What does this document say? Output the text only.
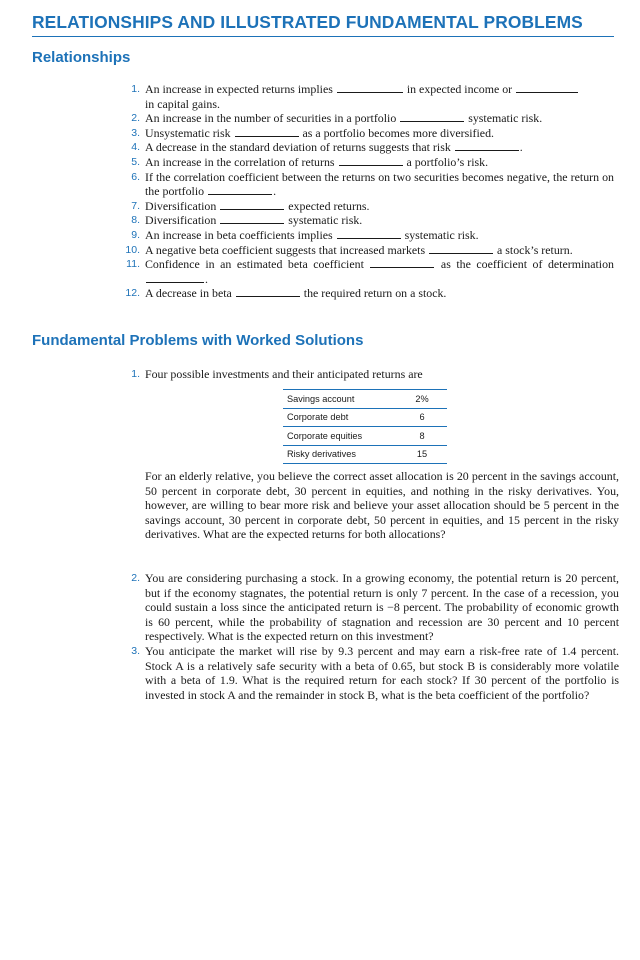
RELATIONSHIPS AND ILLUSTRATED FUNDAMENTAL PROBLEMS
Relationships
1. An increase in expected returns implies	in expected income or
in capital gains.
2. An increase in the number of securities in a portfolio	systematic risk.
3. Unsystematic risk	as a portfolio becomes more diversified.
4. A decrease in the standard deviation of returns suggests that risk	.
5. An increase in the correlation of returns	a portfolio’s risk.
6. If the correlation coefficient between the returns on two securities becomes negative, the return on the portfolio	.
7. Diversification	expected returns.
8. Diversification	systematic risk.
9. An increase in beta coefficients implies	systematic risk.
10. A negative beta coefficient suggests that increased markets	a stock’s return.
11. Confidence in an estimated beta coefficient	as the coefficient of determination .
12. A decrease in beta	the required return on a stock.
Fundamental Problems with Worked Solutions
1. Four possible investments and their anticipated returns are
Savings account	2%
Corporate debt	6
Corporate equities	8
Risky derivatives	15

For an elderly relative, you believe the correct asset allocation is 20 percent in the savings account, 50 percent in corporate debt, 30 percent in equities, and nothing in the risky derivatives. You, however, are willing to bear more risk and believe your asset allocation should be 5 percent in the savings account, 30 percent in corporate debt, 50 percent in equities, and 15 percent in the risky derivatives. What are the expected returns for both allocations?

2. You are considering purchasing a stock. In a growing economy, the potential return is 20 percent, but if the economy stagnates, the potential return is only 7 percent. In the case of a recession, you could sustain a loss since the anticipated return is −8 percent. The probability of economic growth is 60 percent, while the probability of stagnation and recession are 30 percent and 10 percent respectively. What is the expected return on this investment?
3. You anticipate the market will rise by 9.3 percent and may earn a risk-free rate of 1.4 percent. Stock A is a relatively safe security with a beta of 0.65, but stock B is considerably more volatile with a beta of 1.9. What is the required return for each stock? If 30 percent of the portfolio is invested in stock A and the remainder in stock B, what is the beta coefficient of the portfolio?
